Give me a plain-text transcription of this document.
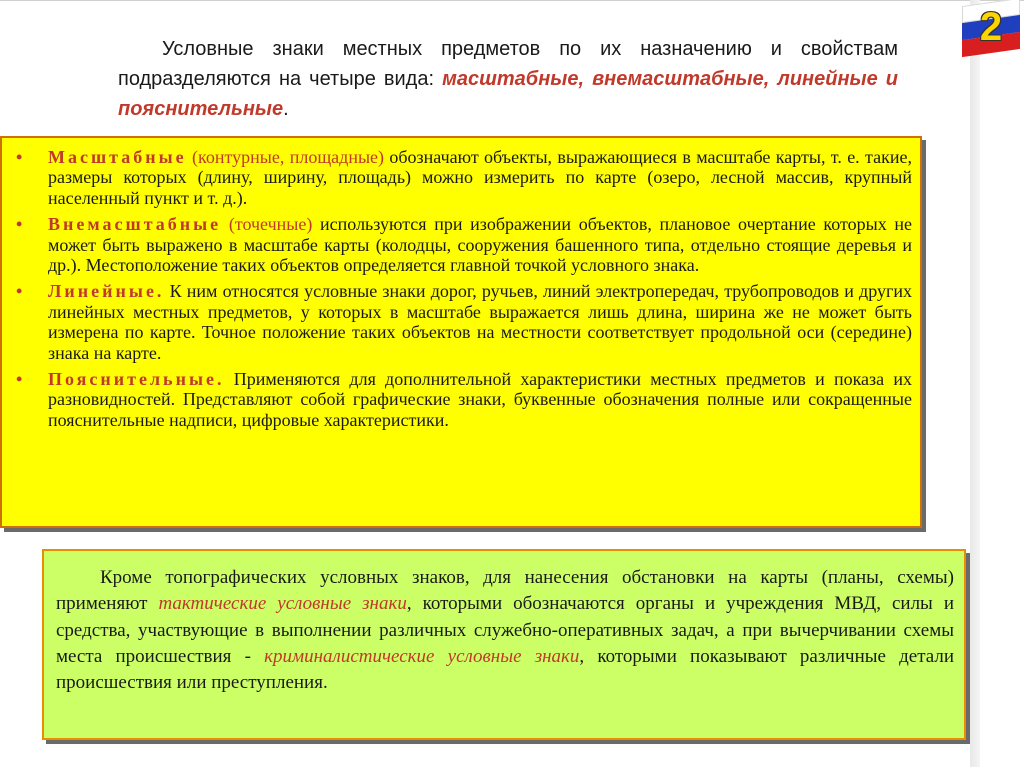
2
Условные знаки местных предметов по их назначению и свойствам подразделяются на четыре вида: масштабные, внемасштабные, линейные и пояснительные.
• Масштабные (контурные, площадные) обозначают объекты, выражающиеся в масштабе карты, т. е. такие, размеры которых (длину, ширину, площадь) можно измерить по карте (озеро, лесной массив, крупный населенный пункт и т. д.).
• Внемасштабные (точечные) используются при изображении объектов, плановое очертание которых не может быть выражено в масштабе карты (колодцы, сооружения башенного типа, отдельно стоящие деревья и др.). Местоположение таких объектов определяется главной точкой условного знака.
• Линейные. К ним относятся условные знаки дорог, ручьев, линий электропередач, трубопроводов и других линейных местных предметов, у которых в масштабе выражается лишь длина, ширина же не может быть измерена по карте. Точное положение таких объектов на местности соответствует продольной оси (середине) знака на карте.
• Пояснительные. Применяются для дополнительной характеристики местных предметов и показа их разновидностей. Представляют собой графические знаки, буквенные обозначения полные или сокращенные пояснительные надписи, цифровые характеристики.
Кроме топографических условных знаков, для нанесения обстановки на карты (планы, схемы) применяют тактические условные знаки, которыми обозначаются органы и учреждения МВД, силы и средства, участвующие в выполнении различных служебно-оперативных задач, а при вычерчивании схемы места происшествия - криминалистические условные знаки, которыми показывают различные детали происшествия или преступления.
